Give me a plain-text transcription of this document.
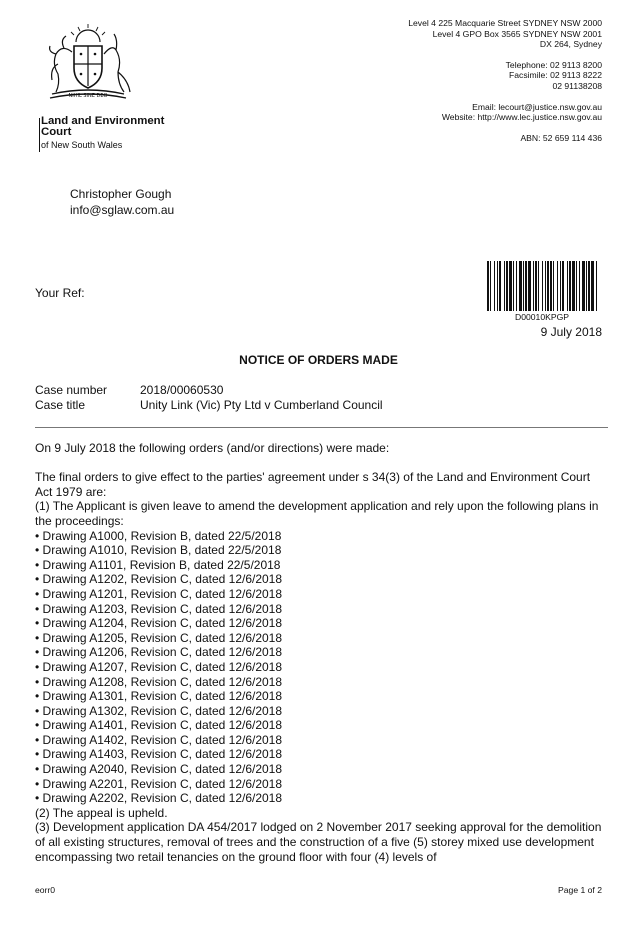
Level 4 225 Macquarie Street SYDNEY NSW 2000
Level 4 GPO Box 3565 SYDNEY NSW 2001
DX 264, Sydney
Telephone: 02 9113 8200
Facsimile: 02 9113 8222
02 91138208
Email: lecourt@justice.nsw.gov.au
Website: http://www.lec.justice.nsw.gov.au
ABN: 52 659 114 436
NIHIL SINE DEO
Land and Environment
Court
of New South Wales
Christopher Gough
info@sglaw.com.au
Your Ref:
D00010KPGP
9 July 2018
NOTICE OF ORDERS MADE
Case number	2018/00060530
Case title	Unity Link (Vic) Pty Ltd v Cumberland Council

On 9 July 2018 the following orders (and/or directions) were made:

The final orders to give effect to the parties' agreement under s 34(3) of the Land and Environment Court Act 1979 are:

(1) The Applicant is given leave to amend the development application and rely upon the following plans in the proceedings:

• Drawing A1000, Revision B, dated 22/5/2018
• Drawing A1010, Revision B, dated 22/5/2018
• Drawing A1101, Revision B, dated 22/5/2018
• Drawing A1202, Revision C, dated 12/6/2018
• Drawing A1201, Revision C, dated 12/6/2018
• Drawing A1203, Revision C, dated 12/6/2018
• Drawing A1204, Revision C, dated 12/6/2018
• Drawing A1205, Revision C, dated 12/6/2018
• Drawing A1206, Revision C, dated 12/6/2018
• Drawing A1207, Revision C, dated 12/6/2018
• Drawing A1208, Revision C, dated 12/6/2018
• Drawing A1301, Revision C, dated 12/6/2018
• Drawing A1302, Revision C, dated 12/6/2018
• Drawing A1401, Revision C, dated 12/6/2018
• Drawing A1402, Revision C, dated 12/6/2018
• Drawing A1403, Revision C, dated 12/6/2018
• Drawing A2040, Revision C, dated 12/6/2018
• Drawing A2201, Revision C, dated 12/6/2018
• Drawing A2202, Revision C, dated 12/6/2018

(2) The appeal is upheld.

(3) Development application DA 454/2017 lodged on 2 November 2017 seeking approval for the demolition of all existing structures, removal of trees and the construction of a five (5) storey mixed use development encompassing two retail tenancies on the ground floor with four (4) levels of

eorr0	Page 1 of 2
